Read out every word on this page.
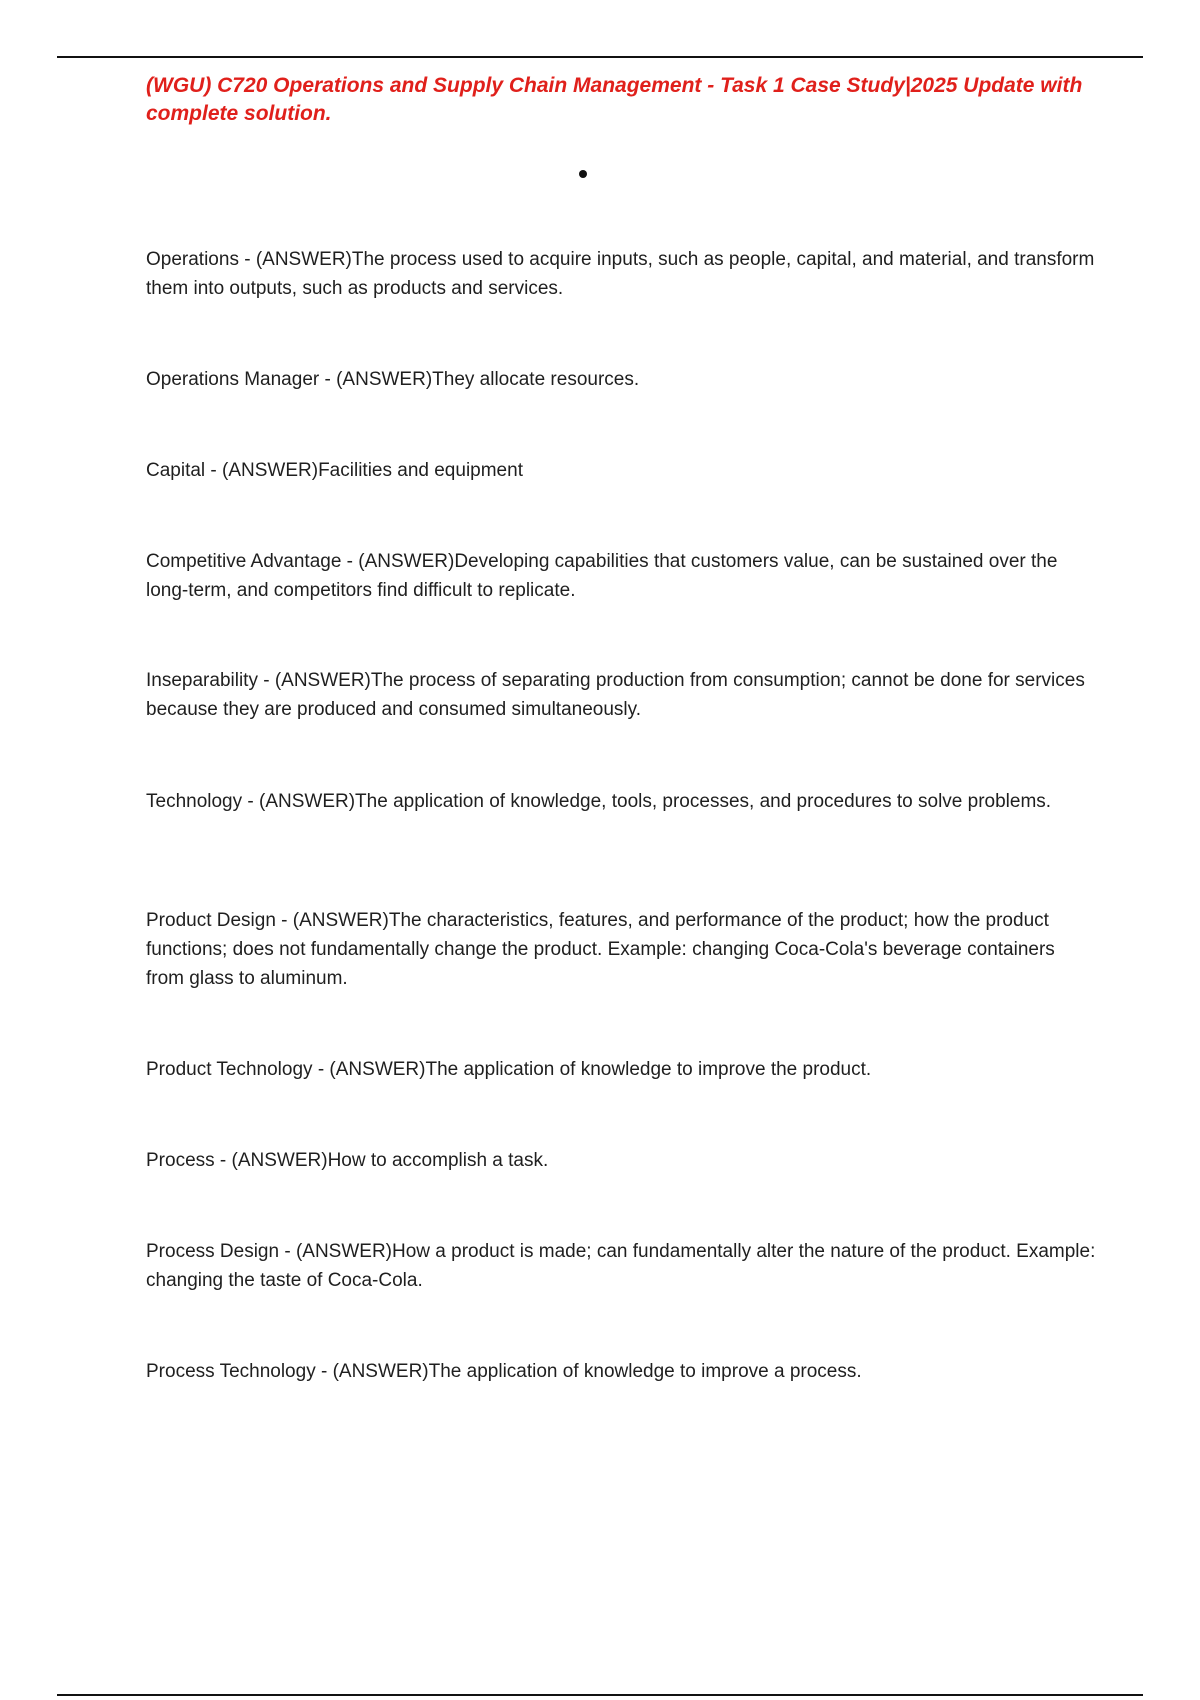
(WGU) C720 Operations and Supply Chain Management - Task 1 Case Study|2025 Update with complete solution.

Operations - (ANSWER)The process used to acquire inputs, such as people, capital, and material, and transform them into outputs, such as products and services.

Operations Manager - (ANSWER)They allocate resources.

Capital - (ANSWER)Facilities and equipment

Competitive Advantage - (ANSWER)Developing capabilities that customers value, can be sustained over the long-term, and competitors find difficult to replicate.

Inseparability - (ANSWER)The process of separating production from consumption; cannot be done for services because they are produced and consumed simultaneously.

Technology - (ANSWER)The application of knowledge, tools, processes, and procedures to solve problems.

Product Design - (ANSWER)The characteristics, features, and performance of the product; how the product functions; does not fundamentally change the product. Example: changing Coca-Cola's beverage containers from glass to aluminum.

Product Technology - (ANSWER)The application of knowledge to improve the product.

Process - (ANSWER)How to accomplish a task.

Process Design - (ANSWER)How a product is made; can fundamentally alter the nature of the product. Example: changing the taste of Coca-Cola.

Process Technology - (ANSWER)The application of knowledge to improve a process.
